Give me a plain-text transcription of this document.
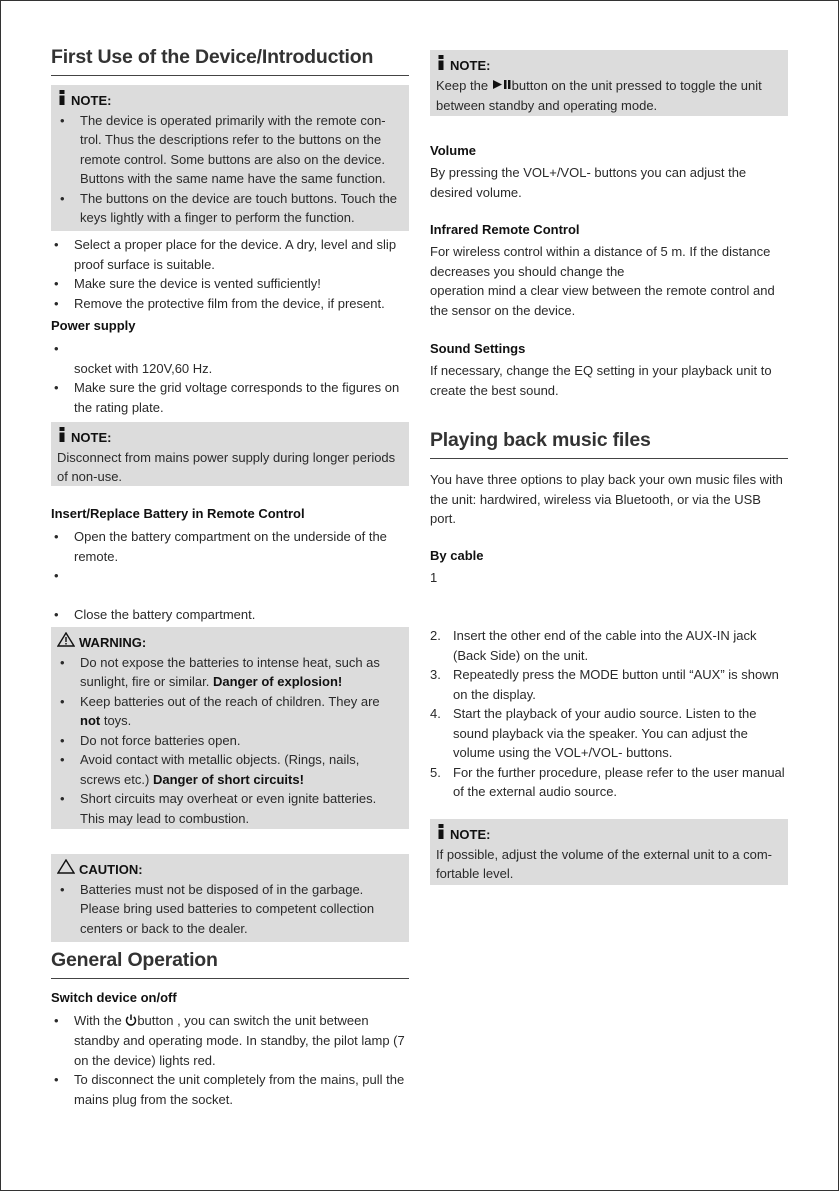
First Use of the Device/Introduction
NOTE:
• The device is operated primarily with the remote con-trol. Thus the descriptions refer to the buttons on the remote control. Some buttons are also on the device. Buttons with the same name have the same function.
• The buttons on the device are touch buttons. Touch the keys lightly with a finger to perform the function.
• Select a proper place for the device. A dry, level and slip proof surface is suitable.
• Make sure the device is vented sufficiently!
• Remove the protective film from the device, if present.
Power supply
•

socket with 120V,60 Hz.
• Make sure the grid voltage corresponds to the figures on the rating plate.
NOTE:
Disconnect from mains power supply during longer periods of non-use.
Insert/Replace Battery in Remote Control
• Open the battery compartment on the underside of the remote.
•

• Close the battery compartment.
WARNING:
• Do not expose the batteries to intense heat, such as sunlight, fire or similar. Danger of explosion!
• Keep batteries out of the reach of children. They are not toys.
• Do not force batteries open.
• Avoid contact with metallic objects. (Rings, nails, screws etc.) Danger of short circuits!
• Short circuits may overheat or even ignite batteries. This may lead to combustion.
CAUTION:
• Batteries must not be disposed of in the garbage. Please bring used batteries to competent collection centers or back to the dealer.
General Operation
Switch device on/off
• With the button , you can switch the unit between standby and operating mode. In standby, the pilot lamp (7 on the device) lights red.
• To disconnect the unit completely from the mains, pull the mains plug from the socket.
NOTE:
Keep the button on the unit pressed to toggle the unit between standby and operating mode.
Volume
By pressing the VOL+/VOL- buttons you can adjust the desired volume.
Infrared Remote Control
For wireless control within a distance of 5 m. If the distance decreases you should change the
operation mind a clear view between the remote control and the sensor on the device.
Sound Settings
If necessary, change the EQ setting in your playback unit to create the best sound.
Playing back music files
You have three options to play back your own music files with the unit: hardwired, wireless via Bluetooth, or via the USB port.
By cable
1
2. Insert the other end of the cable into the AUX-IN jack (Back Side) on the unit.
3. Repeatedly press the MODE button until “AUX” is shown on the display.
4. Start the playback of your audio source. Listen to the sound playback via the speaker. You can adjust the volume using the VOL+/VOL- buttons.
5. For the further procedure, please refer to the user manual of the external audio source.
NOTE:
If possible, adjust the volume of the external unit to a com-fortable level.
